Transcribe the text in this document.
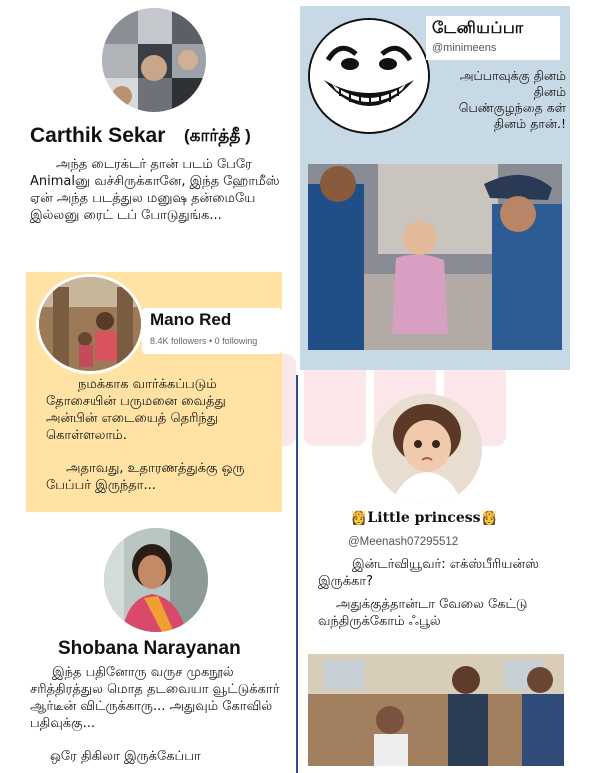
Carthik Sekar (கார்த்தீ )

அந்த டைரக்டர் தான் படம் பேரே Animalனு வச்சிருக்கானே, இந்த ஹோமீஸ் ஏன் அந்த படத்துல மனுஷ தன்மையே இல்லனு ரைட் டப் போடுதுங்க...

Mano Red
8.4K followers • 0 following

நமக்காக வார்க்கப்படும் தோசையின் பருமனை வைத்து அன்பின் எடையைத் தெரிந்து கொள்ளலாம்.

அதாவது, உதாரணத்துக்கு ஒரு பேப்பர் இருந்தா...

Shobana Narayanan

இந்த பதினோரு வருச முகநூல் சரித்திரத்துல மொத தடவையா வூட்டுக்கார் ஆர்டீன் விட்ருக்காரு... அதுவும் கோவில் பதிவுக்கு...

ஒரே திகிலா இருக்கேப்பா

டேனியப்பா
@minimeens

அப்பாவுக்கு தினம் தினம் பெண்குழந்தை கள் தினம் தான்.!

👸Little princess👸
@Meenash07295512

இன்டர்வியூவர்: எக்ஸ்பீரியன்ஸ் இருக்கா?

அதுக்குத்தான்டா வேலை கேட்டு வந்திருக்கோம் ஃபூல்
